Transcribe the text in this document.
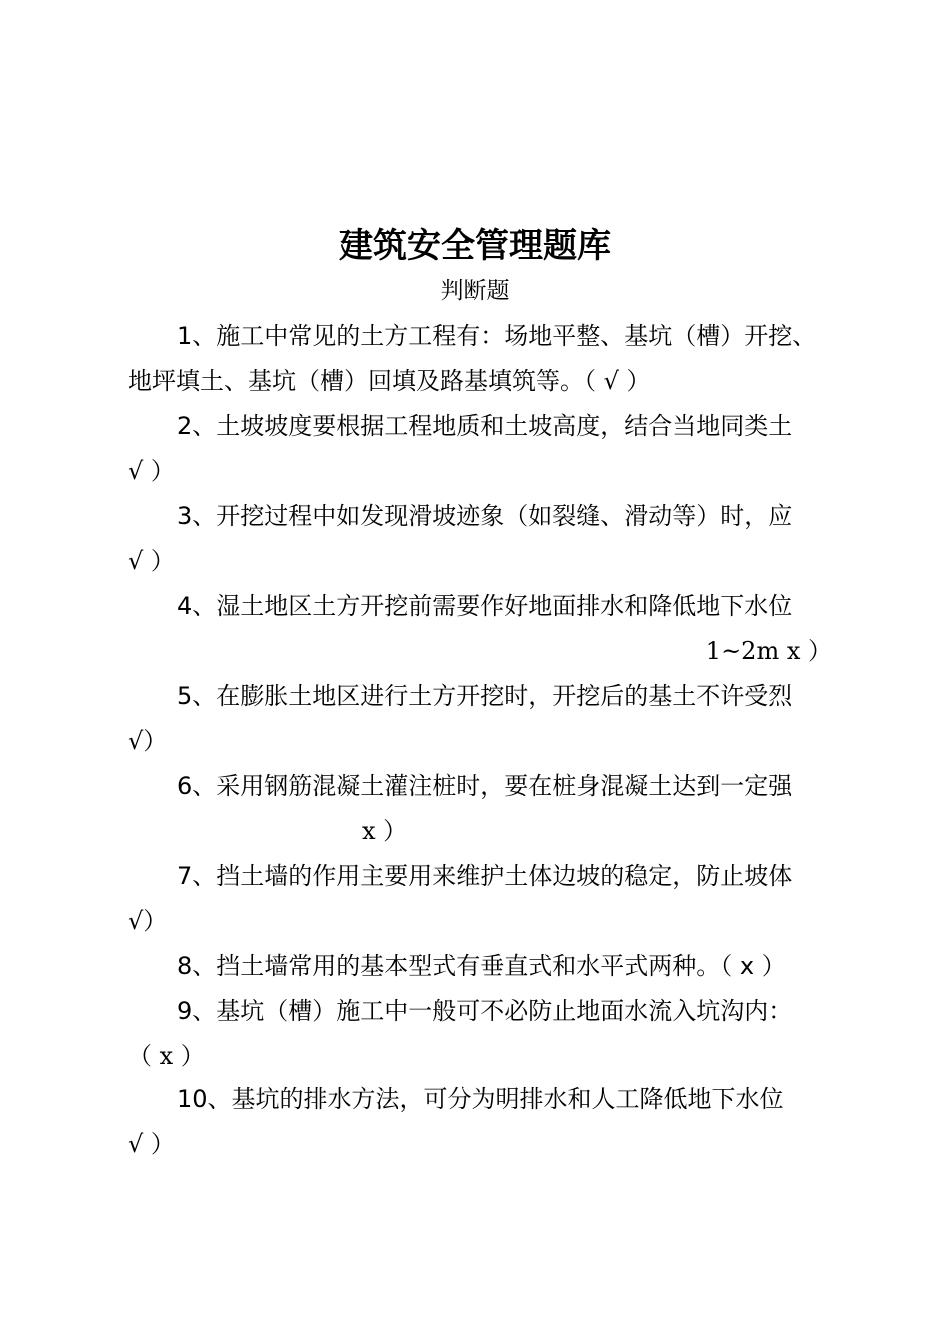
建筑安全管理题库
判断题
1、施工中常见的土方工程有：场地平整、基坑（槽）开挖、
地坪填土、基坑（槽）回填及路基填筑等。（ √ ）
2、土坡坡度要根据工程地质和土坡高度，结合当地同类土
√ ）
3、开挖过程中如发现滑坡迹象（如裂缝、滑动等）时，应
√ ）
4、湿土地区土方开挖前需要作好地面排水和降低地下水位
1~2m x ）
5、在膨胀土地区进行土方开挖时，开挖后的基土不许受烈
√）
6、采用钢筋混凝土灌注桩时，要在桩身混凝土达到一定强
x ）
7、挡土墙的作用主要用来维护土体边坡的稳定，防止坡体
√）
8、挡土墙常用的基本型式有垂直式和水平式两种。（ x ）
9、基坑（槽）施工中一般可不必防止地面水流入坑沟内：
（ x ）
10、基坑的排水方法，可分为明排水和人工降低地下水位
√ ）
